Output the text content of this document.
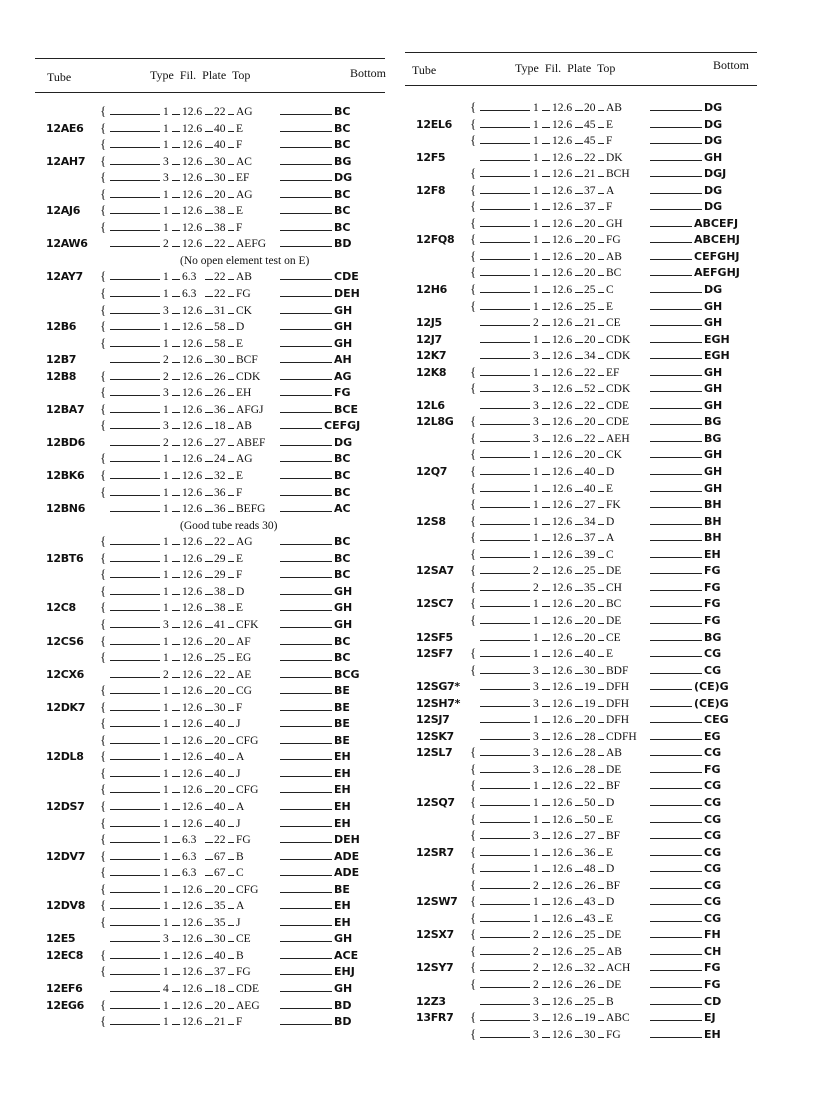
Tube	Type  Fil.  Plate  Top	Bottom Tube	Type  Fil.  Plate  Top	Bottom
{	1 12.6 22 AG	BC
12AE6 {	1 12.6 40 E	BC
{	1 12.6 40 F	BC
12AH7 {	3 12.6 30 AC	BG
{	3 12.6 30 EF	DG
{	1 12.6 20 AG	BC
12AJ6 {	1 12.6 38 E	BC
{	1 12.6 38 F	BC
12AW6	2 12.6 22 AEFG	BD
(No open element test on E)
12AY7 {	1 6.3 22 AB	CDE
{	1 6.3 22 FG	DEH
{	3 12.6 31 CK	GH
12B6 {	1 12.6 58 D	GH
{	1 12.6 58 E	GH
12B7	2 12.6 30 BCF	AH
12B8 {	2 12.6 26 CDK	AG
{	3 12.6 26 EH	FG
12BA7 {	1 12.6 36 AFGJ	BCE
{	3 12.6 18 AB	CEFGJ
12BD6	2 12.6 27 ABEF	DG
{	1 12.6 24 AG	BC
12BK6 {	1 12.6 32 E	BC
{	1 12.6 36 F	BC
12BN6	1 12.6 36 BEFG	AC
(Good tube reads 30)
{	1 12.6 22 AG	BC
12BT6 {	1 12.6 29 E	BC
{	1 12.6 29 F	BC
{	1 12.6 38 D	GH
12C8 {	1 12.6 38 E	GH
{	3 12.6 41 CFK	GH
12CS6 {	1 12.6 20 AF	BC
{	1 12.6 25 EG	BC
12CX6	2 12.6 22 AE	BCG
{	1 12.6 20 CG	BE
12DK7 {	1 12.6 30 F	BE
{	1 12.6 40 J	BE
{	1 12.6 20 CFG	BE
12DL8 {	1 12.6 40 A	EH
{	1 12.6 40 J	EH
{	1 12.6 20 CFG	EH
12DS7 {	1 12.6 40 A	EH
{	1 12.6 40 J	EH
{	1 6.3 22 FG	DEH
12DV7 {	1 6.3 67 B	ADE
{	1 6.3 67 C	ADE
{	1 12.6 20 CFG	BE
12DV8 {	1 12.6 35 A	EH
{	1 12.6 35 J	EH
12E5	3 12.6 30 CE	GH
12EC8 {	1 12.6 40 B	ACE
{	1 12.6 37 FG	EHJ
12EF6	4 12.6 18 CDE	GH
12EG6 {	1 12.6 20 AEG	BD
{	1 12.6 21 F	BD
{	1 12.6 20 AB	DG
12EL6 {	1 12.6 45 E	DG
{	1 12.6 45 F	DG
12F5	1 12.6 22 DK	GH
{	1 12.6 21 BCH	DGJ
12F8 {	1 12.6 37 A	DG
{	1 12.6 37 F	DG
{	1 12.6 20 GH	ABCEFJ
12FQ8 {	1 12.6 20 FG	ABCEHJ
{	1 12.6 20 AB	CEFGHJ
{	1 12.6 20 BC	AEFGHJ
12H6 {	1 12.6 25 C	DG
{	1 12.6 25 E	GH
12J5	2 12.6 21 CE	GH
12J7	1 12.6 20 CDK	EGH
12K7	3 12.6 34 CDK	EGH
12K8 {	1 12.6 22 EF	GH
{	3 12.6 52 CDK	GH
12L6	3 12.6 22 CDE	GH
12L8G {	3 12.6 20 CDE	BG
{	3 12.6 22 AEH	BG
{	1 12.6 20 CK	GH
12Q7 {	1 12.6 40 D	GH
{	1 12.6 40 E	GH
{	1 12.6 27 FK	BH
12S8 {	1 12.6 34 D	BH
{	1 12.6 37 A	BH
{	1 12.6 39 C	EH
12SA7 {	2 12.6 25 DE	FG
{	2 12.6 35 CH	FG
12SC7 {	1 12.6 20 BC	FG
{	1 12.6 20 DE	FG
12SF5	1 12.6 20 CE	BG
12SF7 {	1 12.6 40 E	CG
{	3 12.6 30 BDF	CG
12SG7*	3 12.6 19 DFH	(CE)G
12SH7*	3 12.6 19 DFH	(CE)G
12SJ7	1 12.6 20 DFH	CEG
12SK7	3 12.6 28 CDFH	EG
12SL7 {	3 12.6 28 AB	CG
{	3 12.6 28 DE	FG
{	1 12.6 22 BF	CG
12SQ7 {	1 12.6 50 D	CG
{	1 12.6 50 E	CG
{	3 12.6 27 BF	CG
12SR7 {	1 12.6 36 E	CG
{	1 12.6 48 D	CG
{	2 12.6 26 BF	CG
12SW7 {	1 12.6 43 D	CG
{	1 12.6 43 E	CG
12SX7 {	2 12.6 25 DE	FH
{	2 12.6 25 AB	CH
12SY7 {	2 12.6 32 ACH	FG
{	2 12.6 26 DE	FG
12Z3	3 12.6 25 B	CD
13FR7 {	3 12.6 19 ABC	EJ
{	3 12.6 30 FG	EH
